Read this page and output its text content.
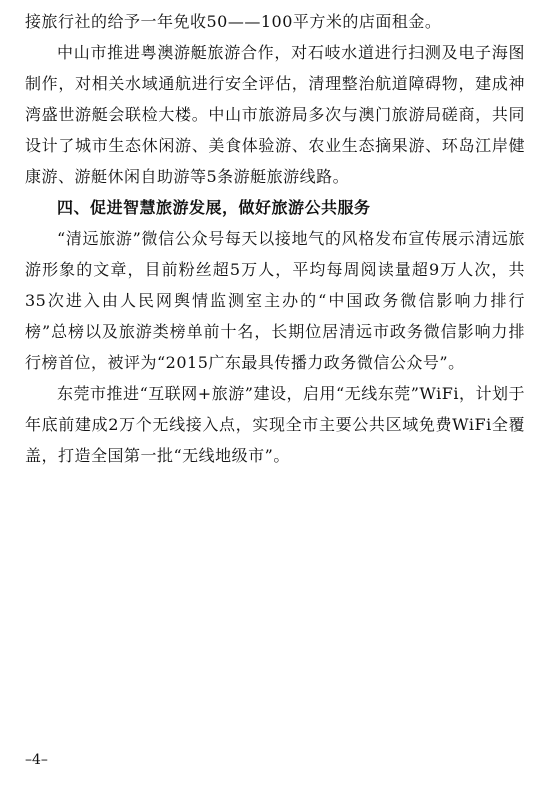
接旅行社的给予一年免收50——100平方米的店面租金。

中山市推进粤澳游艇旅游合作，对石岐水道进行扫测及电子海图制作，对相关水域通航进行安全评估，清理整治航道障碍物，建成神湾盛世游艇会联检大楼。中山市旅游局多次与澳门旅游局磋商，共同设计了城市生态休闲游、美食体验游、农业生态摘果游、环岛江岸健康游、游艇休闲自助游等5条游艇旅游线路。

四、促进智慧旅游发展，做好旅游公共服务

“清远旅游”微信公众号每天以接地气的风格发布宣传展示清远旅游形象的文章，目前粉丝超5万人，平均每周阅读量超9万人次，共35次进入由人民网舆情监测室主办的“中国政务微信影响力排行榜”总榜以及旅游类榜单前十名，长期位居清远市政务微信影响力排行榜首位，被评为“2015广东最具传播力政务微信公众号”。

东莞市推进“互联网+旅游”建设，启用“无线东莞”WiFi，计划于年底前建成2万个无线接入点，实现全市主要公共区域免费WiFi全覆盖，打造全国第一批“无线地级市”。

–4–
